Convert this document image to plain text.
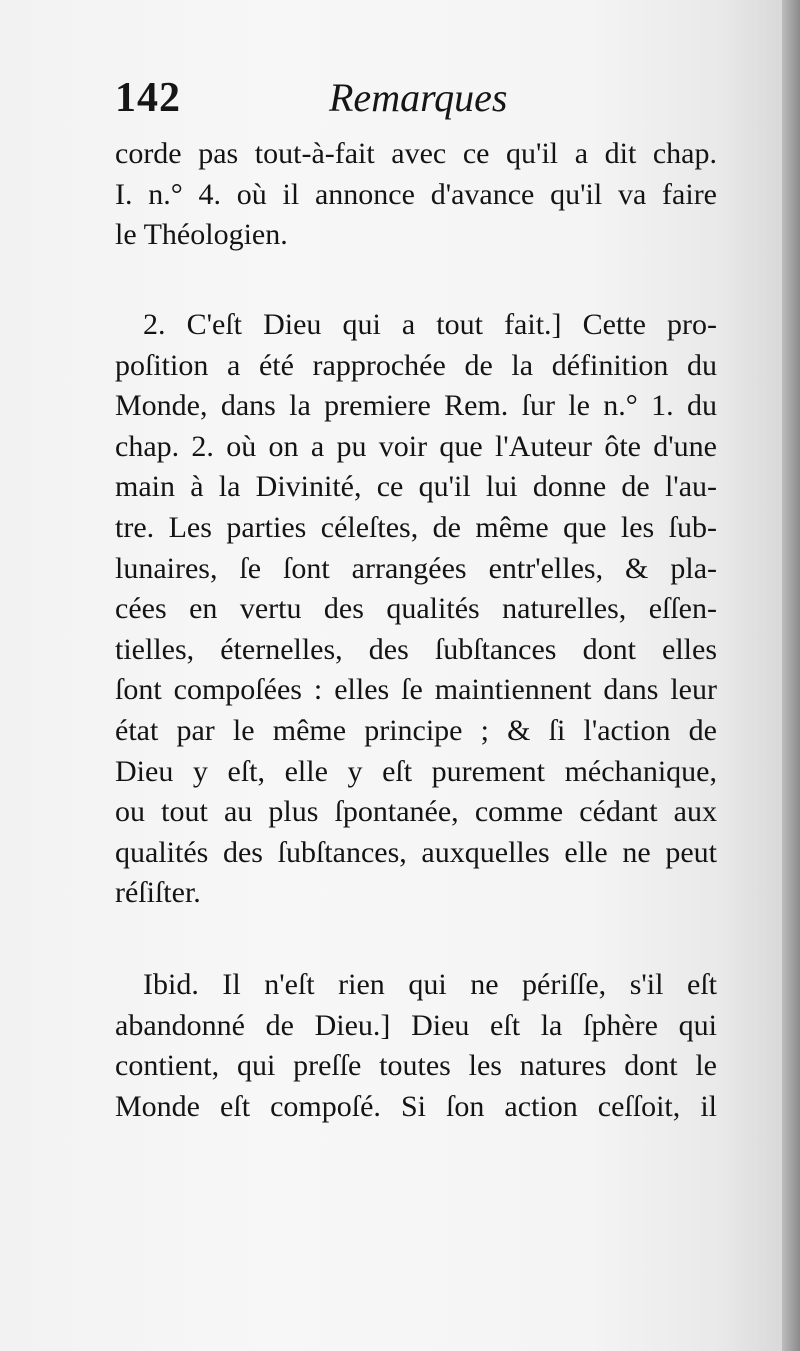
142	Remarques
corde pas tout-à-fait avec ce qu'il a dit chap.
I. n.° 4. où il annonce d'avance qu'il va faire
le Théologien.
2. C'eſt Dieu qui a tout fait.] Cette pro-
poſition a été rapprochée de la définition du
Monde, dans la premiere Rem. ſur le n.° 1. du
chap. 2. où on a pu voir que l'Auteur ôte d'une
main à la Divinité, ce qu'il lui donne de l'au-
tre. Les parties céleſtes, de même que les ſub-
lunaires, ſe ſont arrangées entr'elles, & pla-
cées en vertu des qualités naturelles, eſſen-
tielles, éternelles, des ſubſtances dont elles
ſont compoſées : elles ſe maintiennent dans leur
état par le même principe ; & ſi l'action de
Dieu y eſt, elle y eſt purement méchanique,
ou tout au plus ſpontanée, comme cédant aux
qualités des ſubſtances, auxquelles elle ne peut
réſiſter.
Ibid. Il n'eſt rien qui ne périſſe, s'il eſt
abandonné de Dieu.] Dieu eſt la ſphère qui
contient, qui preſſe toutes les natures dont le
Monde eſt compoſé. Si ſon action ceſſoit, il
